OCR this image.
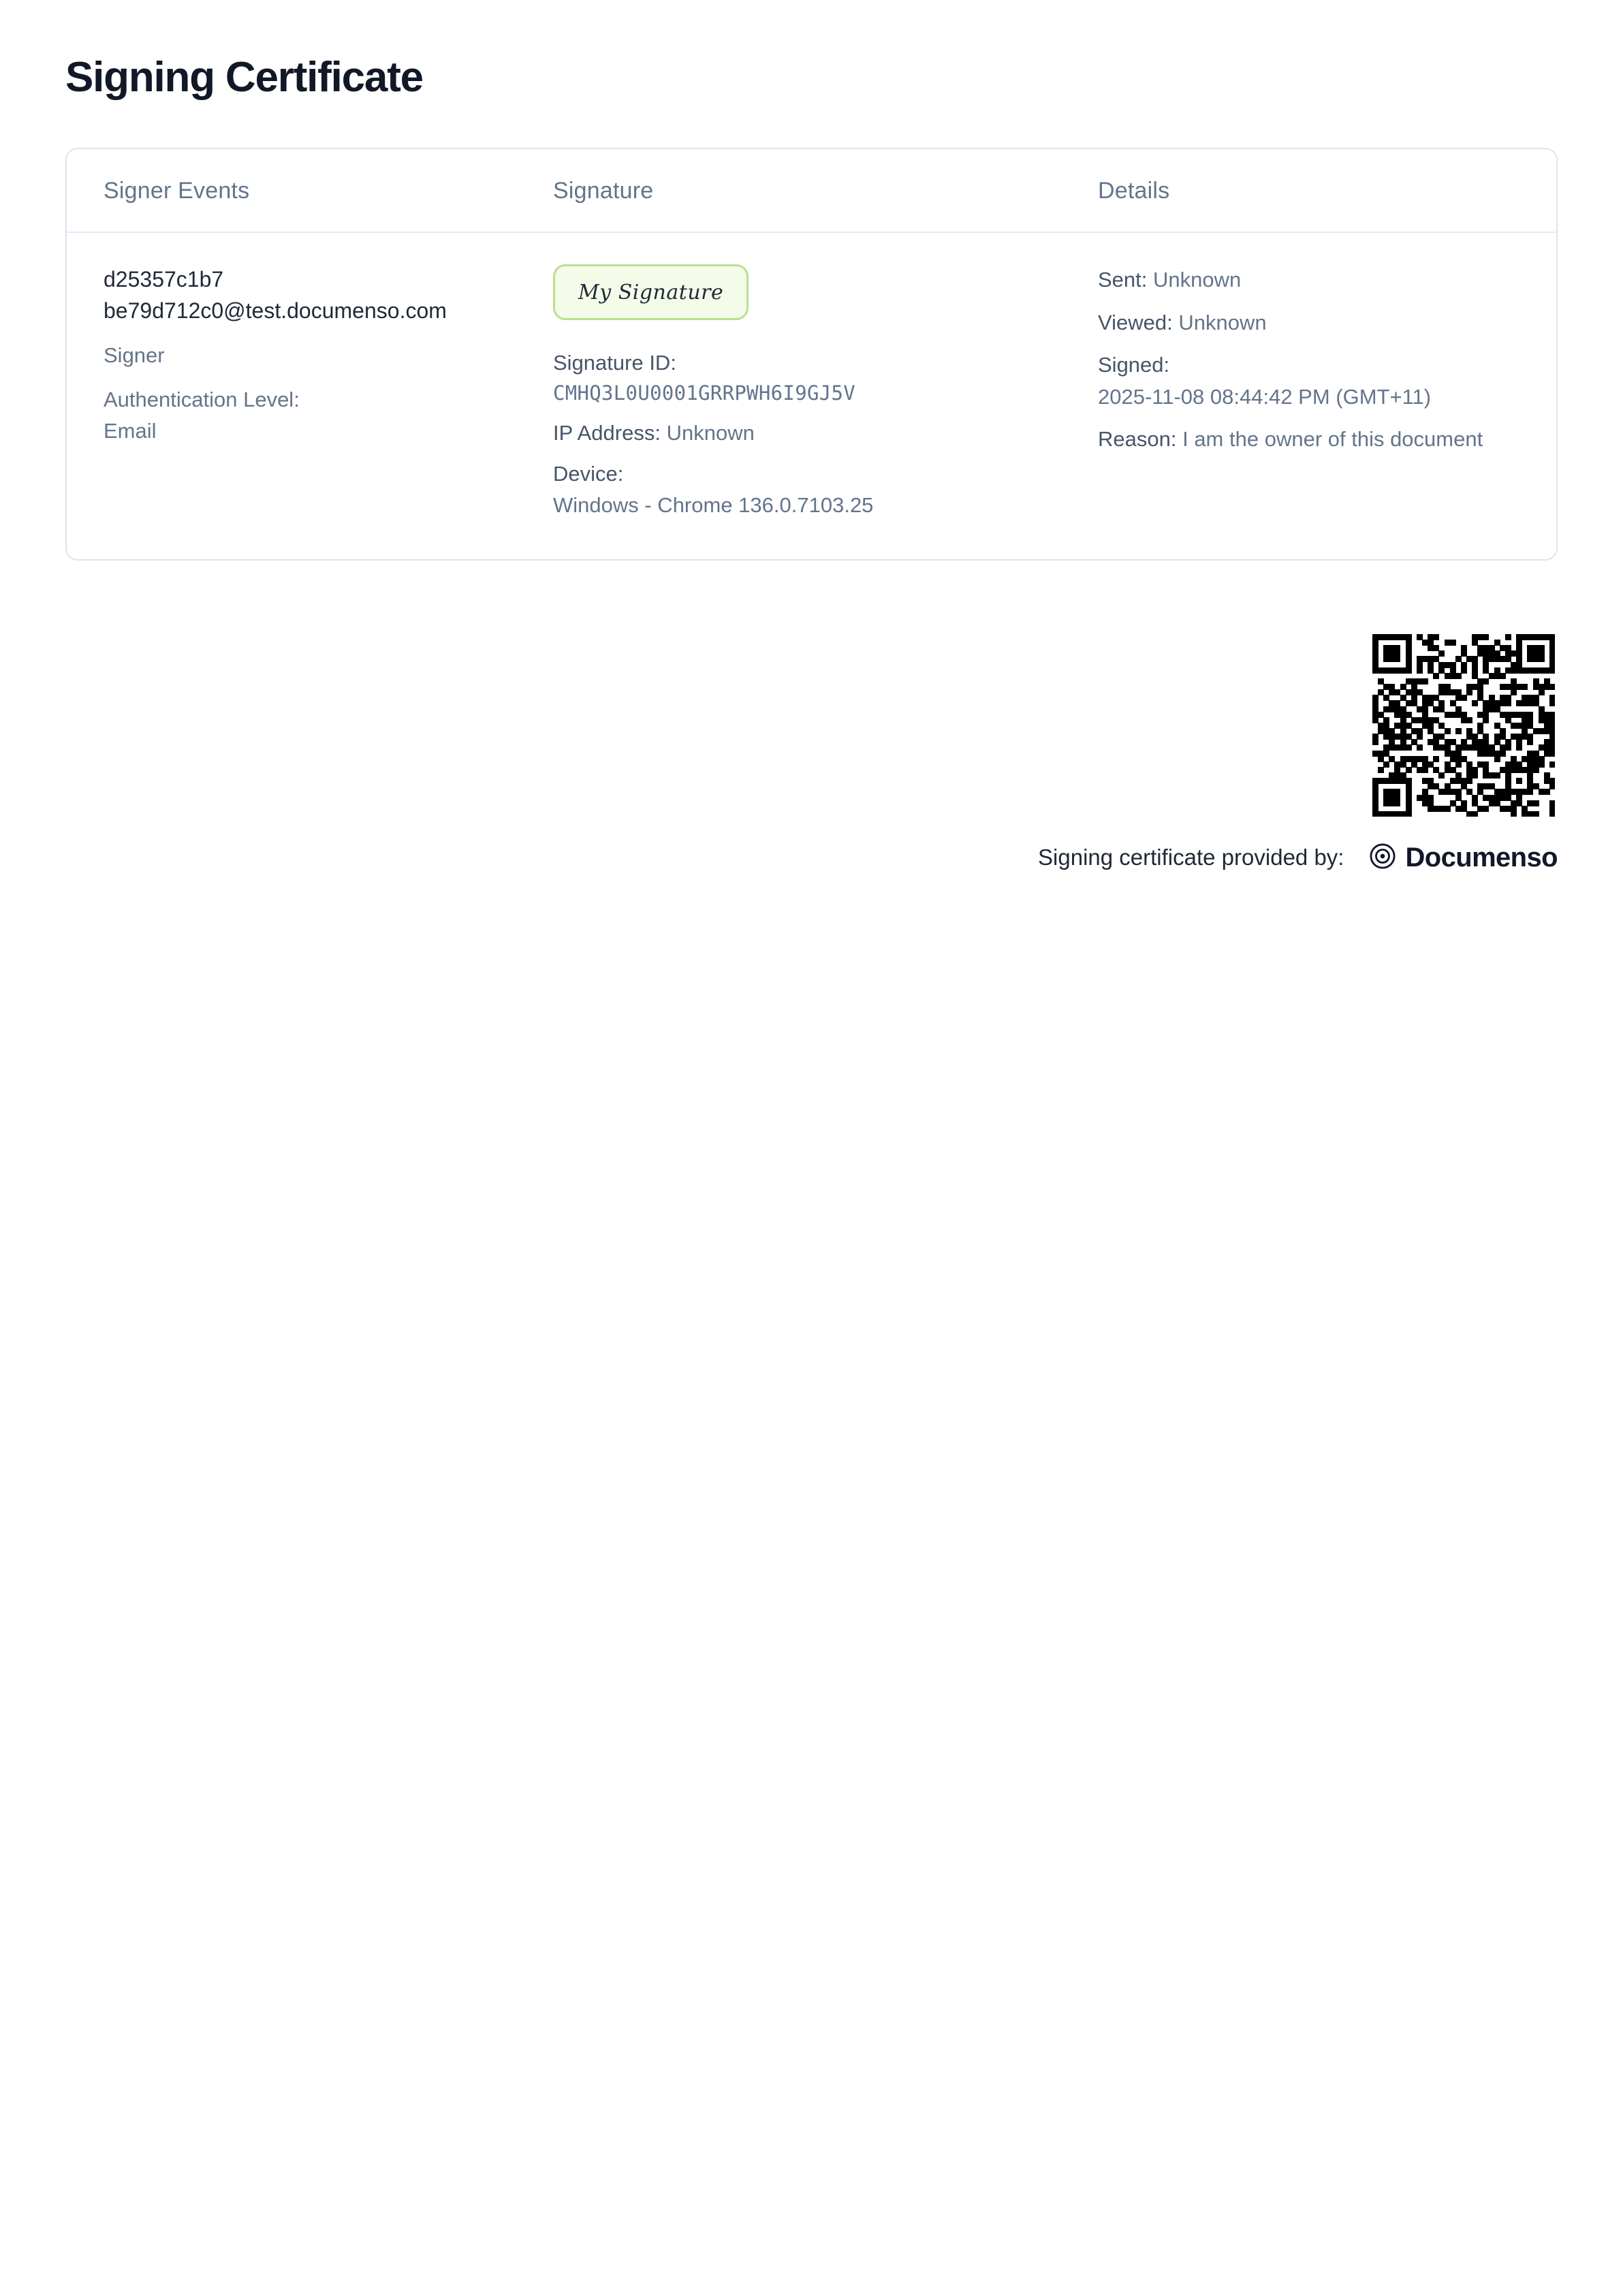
Signing Certificate
Signer Events	Signature	Details
d25357c1b7
be79d712c0@test.documenso.com
Signer
Authentication Level:
Email
My Signature
Signature ID:
CMHQ3L0U0001GRRPWH6I9GJ5V
IP Address: Unknown
Device:
Windows - Chrome 136.0.7103.25
Sent: Unknown
Viewed: Unknown
Signed:
2025-11-08 08:44:42 PM (GMT+11)
Reason: I am the owner of this document
Signing certificate provided by: Documenso
